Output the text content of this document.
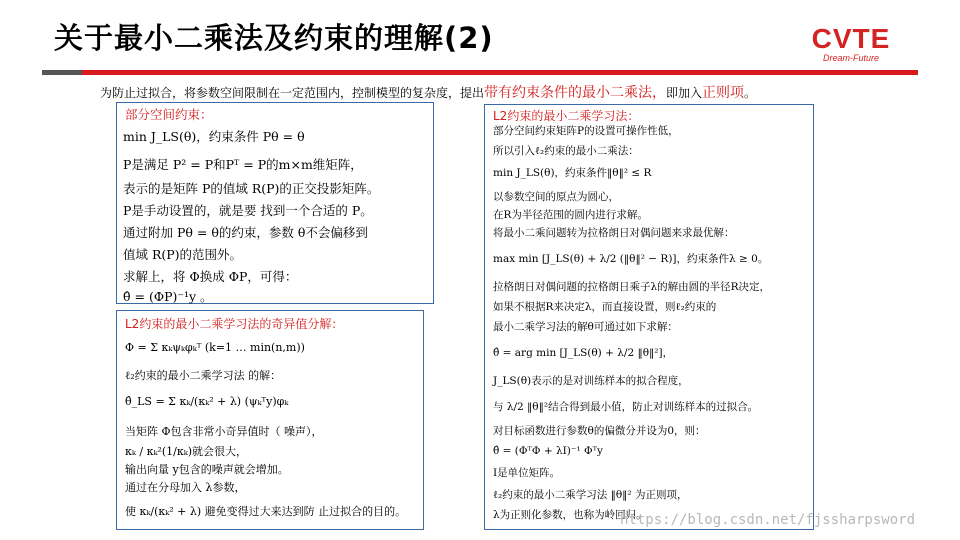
关于最小二乘法及约束的理解(2)	CVTE
Dream-Future
为防止过拟合，将参数空间限制在一定范围内，控制模型的复杂度，提出带有约束条件的最小二乘法，即加入正则项。
部分空间约束：
min J_LS(θ)，约束条件 Pθ = θ
P是满足 P² = P和Pᵀ = P的m×m维矩阵，
表示的是矩阵 P的值域 R(P)的正交投影矩阵。
P是手动设置的，就是要 找到一个合适的 P。
通过附加 Pθ = θ的约束，参数 θ不会偏移到
值域 R(P)的范围外。
求解上，将 Φ换成 ΦP，可得：
θ̂ = (ΦP)⁻¹y 。
L2约束的最小二乘学习法的奇异值分解：
Φ = Σ κₖψₖφₖᵀ (k=1 … min(n,m))
ℓ₂约束的最小二乘学习法 的解：
θ̂_LS = Σ κₖ/(κₖ² + λ) (ψₖᵀy)φₖ
当矩阵 Φ包含非常小奇异值时（ 噪声），
κₖ / κₖ²(1/κₖ)就会很大，
输出向量 y包含的噪声就会增加。
通过在分母加入 λ参数，
使 κₖ/(κₖ² + λ) 避免变得过大来达到防 止过拟合的目的。
L2约束的最小二乘学习法：
部分空间约束矩阵P的设置可操作性低，
所以引入ℓ₂约束的最小二乘法：
min J_LS(θ)，约束条件‖θ‖² ≤ R
以参数空间的原点为圆心，
在R为半径范围的圆内进行求解。
将最小二乘问题转为拉格朗日对偶问题来求最优解：
max min [J_LS(θ) + λ/2 (‖θ‖² − R)]，约束条件λ ≥ 0。
拉格朗日对偶问题的拉格朗日乘子λ的解由圆的半径R决定，
如果不根据R来决定λ，而直接设置，则ℓ₂约束的
最小二乘学习法的解θ可通过如下求解：
θ̂ = arg min [J_LS(θ) + λ/2 ‖θ‖²]，
J_LS(θ)表示的是对训练样本的拟合程度，
与 λ/2 ‖θ‖²结合得到最小值，防止对训练样本的过拟合。
对目标函数进行参数θ的偏微分并设为0，则：
θ̂ = (ΦᵀΦ + λI)⁻¹ Φᵀy
I是单位矩阵。
ℓ₂约束的最小二乘学习法 ‖θ‖² 为正则项，
λ为正则化参数，也称为岭回归。
https://blog.csdn.net/fjssharpsword
